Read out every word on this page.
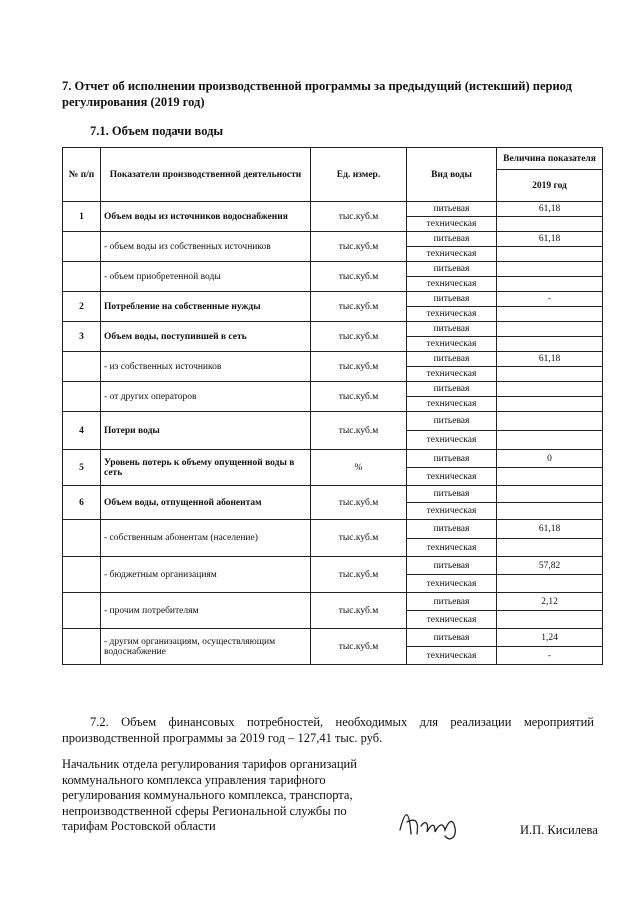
7. Отчет об исполнении производственной программы за предыдущий (истекший) период регулирования (2019 год)
7.1. Объем подачи воды
№ п/п	Показатели производственной деятельности	Ед. измер.	Вид воды	Величина показателя
				2019 год
1	Объем воды из источников водоснабжения	тыс.куб.м	питьевая	61,18
			техническая	
	- объем воды из собственных источников	тыс.куб.м	питьевая	61,18
			техническая	
	- объем приобретенной воды	тыс.куб.м	питьевая	
			техническая	
2	Потребление на собственные нужды	тыс.куб.м	питьевая	-
			техническая	
3	Объем воды, поступившей в сеть	тыс.куб.м	питьевая	
			техническая	
	- из собственных источников	тыс.куб.м	питьевая	61,18
			техническая	
	- от других операторов	тыс.куб.м	питьевая	
			техническая	
4	Потери воды	тыс.куб.м	питьевая	
			техническая	
5	Уровень потерь к объему опущенной воды в сеть	%	питьевая	0
			техническая	
6	Объем воды, отпущенной абонентам	тыс.куб.м	питьевая	
			техническая	
	- собственным абонентам (население)	тыс.куб.м	питьевая	61,18
			техническая	
	- бюджетным организациям	тыс.куб.м	питьевая	57,82
			техническая	
	- прочим потребителям	тыс.куб.м	питьевая	2,12
			техническая	
	- другим организациям, осуществляющим водоснабжение	тыс.куб.м	питьевая	1,24
			техническая	-
7.2. Объем финансовых потребностей, необходимых для реализации мероприятий производственной программы за 2019 год – 127,41 тыс. руб.
Начальник отдела регулирования тарифов организаций коммунального комплекса управления тарифного регулирования коммунального комплекса, транспорта, непроизводственной сферы Региональной службы по тарифам Ростовской области	И.П. Кисилева
